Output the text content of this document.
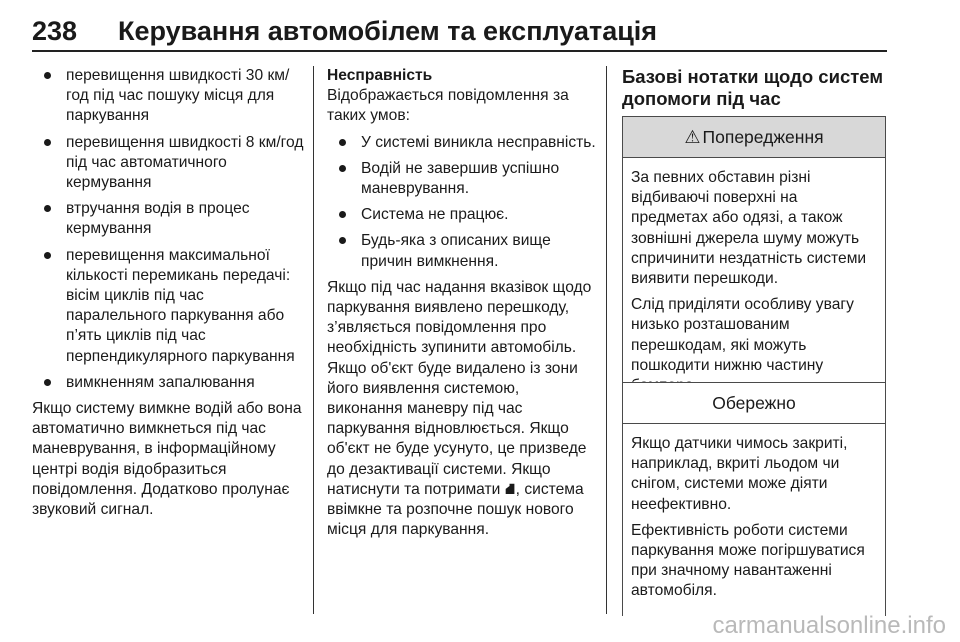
238 Керування автомобілем та експлуатація
перевищення швидкості 30 км/год під час пошуку місця для паркування
перевищення швидкості 8 км/год під час автоматичного кермування
втручання водія в процес кермування
перевищення максимальної кількості перемикань передачі: вісім циклів під час паралельного паркування або п’ять циклів під час перпендикулярного паркування
вимкненням запалювання

Якщо систему вимкне водій або вона автоматично вимкнеться під час маневрування, в інформаційному центрі водія відобразиться повідомлення. Додатково пролунає звуковий сигнал.

Несправність

Відображається повідомлення за таких умов:

У системі виникла несправність.
Водій не завершив успішно маневрування.
Система не працює.
Будь-яка з описаних вище причин вимкнення.

Якщо під час надання вказівок щодо паркування виявлено перешкоду, з’являється повідомлення про необхідність зупинити автомобіль. Якщо об'єкт буде видалено із зони його виявлення системою, виконання маневру під час паркування відновлюється. Якщо об'єкт не буде усунуто, це призведе до дезактивації системи. Якщо натиснути та потримати ⛘, система ввімкне та розпочне пошук нового місця для паркування.

Базові нотатки щодо систем допомоги під час
⚠ Попередження

За певних обставин різні відбиваючі поверхні на предметах або одязі, а також зовнішні джерела шуму можуть спричинити нездатність системи виявити перешкоди.

Слід приділяти особливу увагу низько розташованим перешкодам, які можуть пошкодити нижню частину

Обережно

Якщо датчики чимось закриті, наприклад, вкриті льодом чи снігом, системи може діяти неефективно.

Ефективність роботи системи паркування може погіршуватися при значному навантаженні автомобіля.

carmanualsonline.info
